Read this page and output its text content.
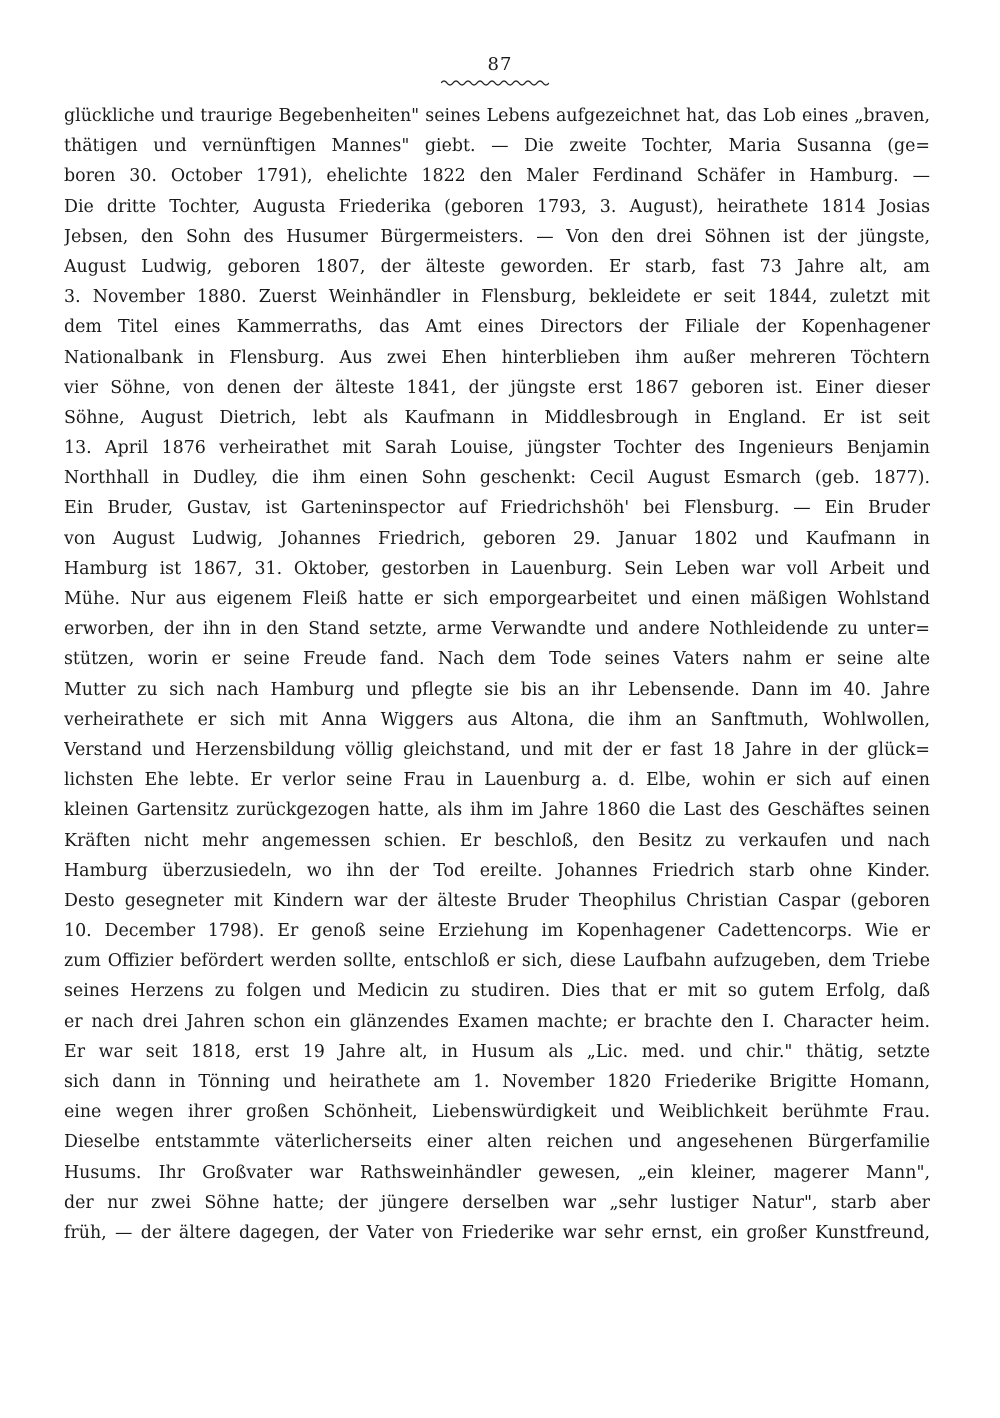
87
glückliche und traurige Begebenheiten" seines Lebens aufgezeichnet hat, das Lob eines „braven,
thätigen und vernünftigen Mannes" giebt. — Die zweite Tochter, Maria Susanna (ge=
boren 30. October 1791), ehelichte 1822 den Maler Ferdinand Schäfer in Hamburg. —
Die dritte Tochter, Augusta Friederika (geboren 1793, 3. August), heirathete 1814 Josias
Jebsen, den Sohn des Husumer Bürgermeisters. — Von den drei Söhnen ist der jüngste,
August Ludwig, geboren 1807, der älteste geworden. Er starb, fast 73 Jahre alt, am
3. November 1880. Zuerst Weinhändler in Flensburg, bekleidete er seit 1844, zuletzt mit
dem Titel eines Kammerraths, das Amt eines Directors der Filiale der Kopenhagener
Nationalbank in Flensburg. Aus zwei Ehen hinterblieben ihm außer mehreren Töchtern
vier Söhne, von denen der älteste 1841, der jüngste erst 1867 geboren ist. Einer dieser
Söhne, August Dietrich, lebt als Kaufmann in Middlesbrough in England. Er ist seit
13. April 1876 verheirathet mit Sarah Louise, jüngster Tochter des Ingenieurs Benjamin
Northhall in Dudley, die ihm einen Sohn geschenkt: Cecil August Esmarch (geb. 1877).
Ein Bruder, Gustav, ist Garteninspector auf Friedrichshöh' bei Flensburg. — Ein Bruder
von August Ludwig, Johannes Friedrich, geboren 29. Januar 1802 und Kaufmann in
Hamburg ist 1867, 31. Oktober, gestorben in Lauenburg. Sein Leben war voll Arbeit und
Mühe. Nur aus eigenem Fleiß hatte er sich emporgearbeitet und einen mäßigen Wohlstand
erworben, der ihn in den Stand setzte, arme Verwandte und andere Nothleidende zu unter=
stützen, worin er seine Freude fand. Nach dem Tode seines Vaters nahm er seine alte
Mutter zu sich nach Hamburg und pflegte sie bis an ihr Lebensende. Dann im 40. Jahre
verheirathete er sich mit Anna Wiggers aus Altona, die ihm an Sanftmuth, Wohlwollen,
Verstand und Herzensbildung völlig gleichstand, und mit der er fast 18 Jahre in der glück=
lichsten Ehe lebte. Er verlor seine Frau in Lauenburg a. d. Elbe, wohin er sich auf einen
kleinen Gartensitz zurückgezogen hatte, als ihm im Jahre 1860 die Last des Geschäftes seinen
Kräften nicht mehr angemessen schien. Er beschloß, den Besitz zu verkaufen und nach
Hamburg überzusiedeln, wo ihn der Tod ereilte. Johannes Friedrich starb ohne Kinder.
Desto gesegneter mit Kindern war der älteste Bruder Theophilus Christian Caspar (geboren
10. December 1798). Er genoß seine Erziehung im Kopenhagener Cadettencorps. Wie er
zum Offizier befördert werden sollte, entschloß er sich, diese Laufbahn aufzugeben, dem Triebe
seines Herzens zu folgen und Medicin zu studiren. Dies that er mit so gutem Erfolg, daß
er nach drei Jahren schon ein glänzendes Examen machte; er brachte den I. Character heim.
Er war seit 1818, erst 19 Jahre alt, in Husum als „Lic. med. und chir." thätig, setzte
sich dann in Tönning und heirathete am 1. November 1820 Friederike Brigitte Homann,
eine wegen ihrer großen Schönheit, Liebenswürdigkeit und Weiblichkeit berühmte Frau.
Dieselbe entstammte väterlicherseits einer alten reichen und angesehenen Bürgerfamilie
Husums. Ihr Großvater war Rathsweinhändler gewesen, „ein kleiner, magerer Mann",
der nur zwei Söhne hatte; der jüngere derselben war „sehr lustiger Natur", starb aber
früh, — der ältere dagegen, der Vater von Friederike war sehr ernst, ein großer Kunstfreund,
